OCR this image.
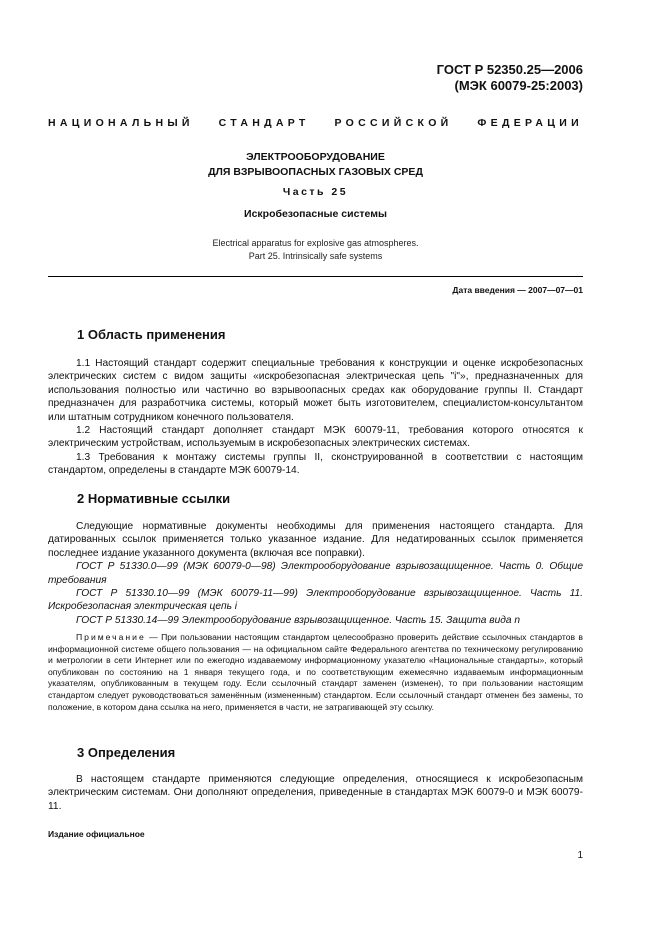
ГОСТ Р 52350.25—2006
(МЭК 60079-25:2003)
НАЦИОНАЛЬНЫЙ СТАНДАРТ РОССИЙСКОЙ ФЕДЕРАЦИИ
ЭЛЕКТРООБОРУДОВАНИЕ
ДЛЯ ВЗРЫВООПАСНЫХ ГАЗОВЫХ СРЕД
Часть 25
Искробезопасные системы
Electrical apparatus for explosive gas atmospheres.
Part 25. Intrinsically safe systems
Дата введения — 2007—07—01
1 Область применения

1.1 Настоящий стандарт содержит специальные требования к конструкции и оценке искробезопасных электрических систем с видом защиты «искробезопасная электрическая цепь "i"», предназначенных для использования полностью или частично во взрывоопасных средах как оборудование группы II. Стандарт предназначен для разработчика системы, который может быть изготовителем, специалистом-консультантом или штатным сотрудником конечного пользователя.

1.2 Настоящий стандарт дополняет стандарт МЭК 60079-11, требования которого относятся к электрическим устройствам, используемым в искробезопасных электрических системах.

1.3 Требования к монтажу системы группы II, сконструированной в соответствии с настоящим стандартом, определены в стандарте МЭК 60079-14.

2 Нормативные ссылки

Следующие нормативные документы необходимы для применения настоящего стандарта. Для датированных ссылок применяется только указанное издание. Для недатированных ссылок применяется последнее издание указанного документа (включая все поправки).

ГОСТ Р 51330.0—99 (МЭК 60079-0—98) Электрооборудование взрывозащищенное. Часть 0. Общие требования

ГОСТ Р 51330.10—99 (МЭК 60079-11—99) Электрооборудование взрывозащищенное. Часть 11. Искробезопасная электрическая цепь i

ГОСТ Р 51330.14—99 Электрооборудование взрывозащищенное. Часть 15. Защита вида n

Примечание — При пользовании настоящим стандартом целесообразно проверить действие ссылочных стандартов в информационной системе общего пользования — на официальном сайте Федерального агентства по техническому регулированию и метрологии в сети Интернет или по ежегодно издаваемому информационному указателю «Национальные стандарты», который опубликован по состоянию на 1 января текущего года, и по соответствующим ежемесячно издаваемым информационным указателям, опубликованным в текущем году. Если ссылочный стандарт заменен (изменен), то при пользовании настоящим стандартом следует руководствоваться заменённым (измененным) стандартом. Если ссылочный стандарт отменен без замены, то положение, в котором дана ссылка на него, применяется в части, не затрагивающей эту ссылку.

3 Определения

В настоящем стандарте применяются следующие определения, относящиеся к искробезопасным электрическим системам. Они дополняют определения, приведенные в стандартах МЭК 60079-0 и МЭК 60079-11.

Издание официальное
1
